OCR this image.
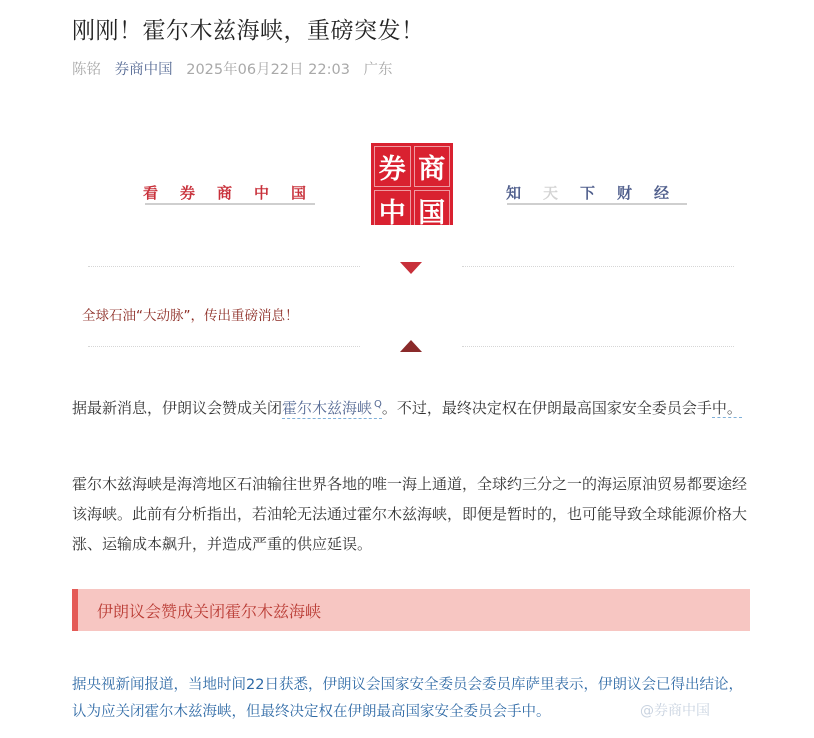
刚刚！霍尔木兹海峡，重磅突发！
陈铭 券商中国 2025年06月22日 22:03 广东
看 券 商 中 国
券 商
中 国
知 天 下 财 经
全球石油“大动脉”，传出重磅消息！

据最新消息，伊朗议会赞成关闭霍尔木兹海峡 $^Q$。不过，最终决定权在伊朗最高国家安全委员会手中。

霍尔木兹海峡是海湾地区石油输往世界各地的唯一海上通道，全球约三分之一的海运原油贸易都要途经该海峡。此前有分析指出，若油轮无法通过霍尔木兹海峡，即便是暂时的，也可能导致全球能源价格大涨、运输成本飙升，并造成严重的供应延误。

伊朗议会赞成关闭霍尔木兹海峡

据央视新闻报道，当地时间22日获悉，伊朗议会国家安全委员会委员库萨里表示，伊朗议会已得出结论，认为应关闭霍尔木兹海峡，但最终决定权在伊朗最高国家安全委员会手中。	@券商中国
